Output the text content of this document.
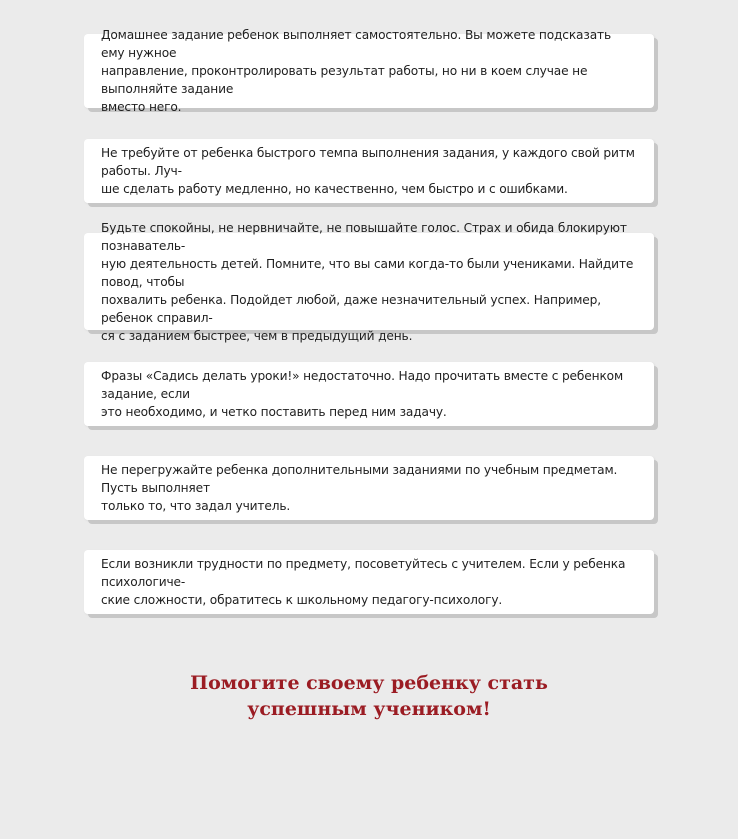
Домашнее задание ребенок выполняет самостоятельно. Вы можете подсказать ему нужное
направление, проконтролировать результат работы, но ни в коем случае не выполняйте задание
вместо него.

Не требуйте от ребенка быстрого темпа выполнения задания, у каждого свой ритм работы. Луч-
ше сделать работу медленно, но качественно, чем быстро и с ошибками.

Будьте спокойны, не нервничайте, не повышайте голос. Страх и обида блокируют познаватель-
ную деятельность детей. Помните, что вы сами когда-то были учениками. Найдите повод, чтобы
похвалить ребенка. Подойдет любой, даже незначительный успех. Например, ребенок справил-
ся с заданием быстрее, чем в предыдущий день.

Фразы «Садись делать уроки!» недостаточно. Надо прочитать вместе с ребенком задание, если
это необходимо, и четко поставить перед ним задачу.

Не перегружайте ребенка дополнительными заданиями по учебным предметам. Пусть выполняет
только то, что задал учитель.

Если возникли трудности по предмету, посоветуйтесь с учителем. Если у ребенка психологиче-
ские сложности, обратитесь к школьному педагогу-психологу.

Помогите своему ребенку стать
успешным учеником!
